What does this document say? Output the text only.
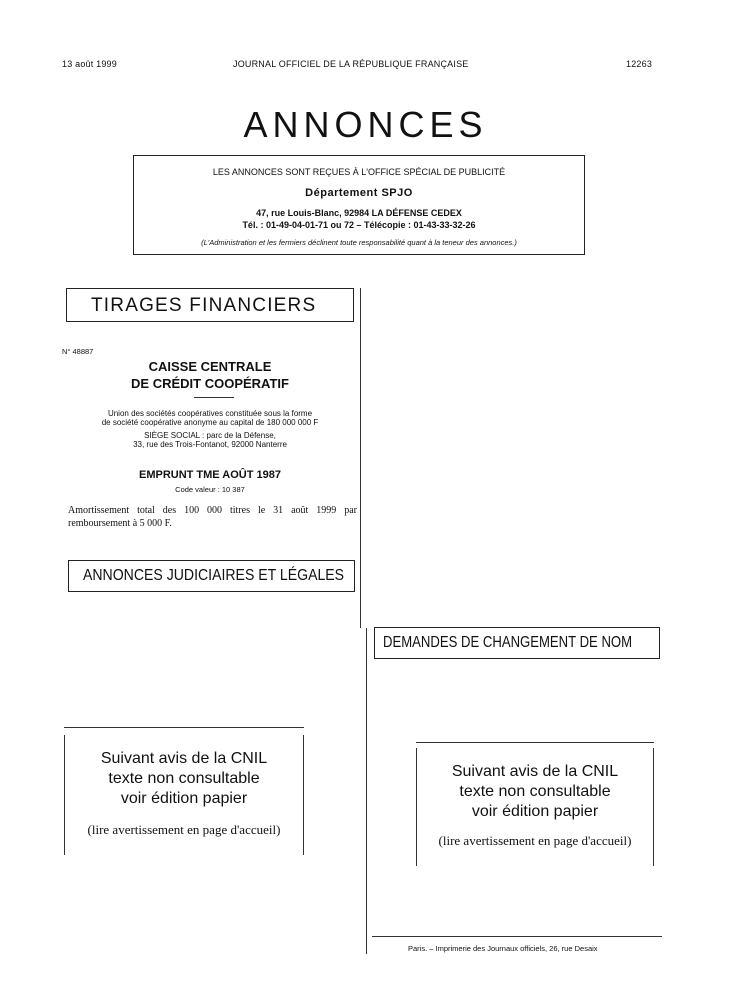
13 août 1999	JOURNAL OFFICIEL DE LA RÉPUBLIQUE FRANÇAISE	12263
ANNONCES
LES ANNONCES SONT REÇUES À L'OFFICE SPÉCIAL DE PUBLICITÉ
Département SPJO
47, rue Louis-Blanc, 92984 LA DÉFENSE CEDEX
Tél. : 01-49-04-01-71 ou 72 – Télécopie : 01-43-33-32-26
(L'Administration et les fermiers déclinent toute responsabilité quant à la teneur des annonces.)
TIRAGES FINANCIERS
N° 48887
CAISSE CENTRALE
DE CRÉDIT COOPÉRATIF
Union des sociétés coopératives constituée sous la forme
de société coopérative anonyme au capital de 180 000 000 F
SIÈGE SOCIAL : parc de la Défense,
33, rue des Trois-Fontanot, 92000 Nanterre
EMPRUNT TME AOÛT 1987
Code valeur : 10 387
Amortissement total des 100 000 titres le 31 août 1999 par
remboursement à 5 000 F.
ANNONCES JUDICIAIRES ET LÉGALES
DEMANDES DE CHANGEMENT DE NOM
Suivant avis de la CNIL
texte non consultable
voir édition papier
(lire avertissement en page d'accueil)
Suivant avis de la CNIL
texte non consultable
voir édition papier
(lire avertissement en page d'accueil)
Paris. – Imprimerie des Journaux officiels, 26, rue Desaix
